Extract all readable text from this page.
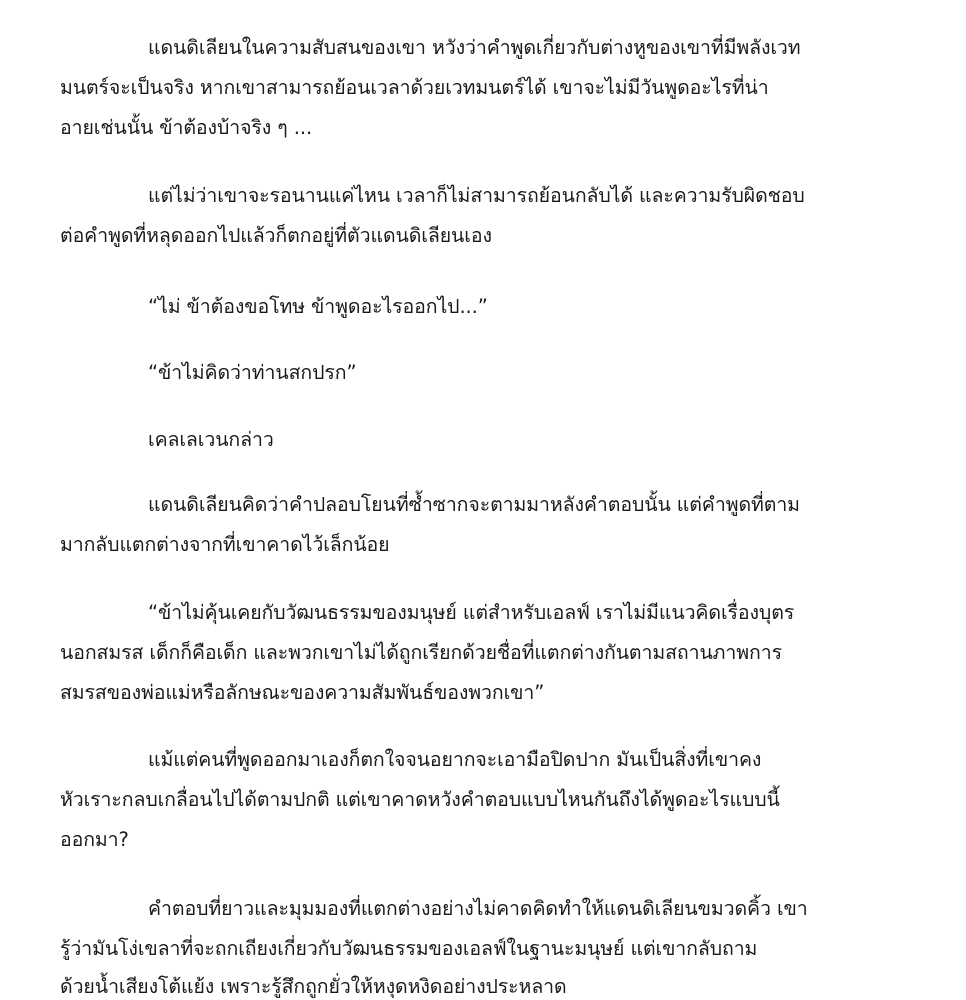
แดนดิเลียนในความสับสนของเขา หวังว่าคำพูดเกี่ยวกับต่างหูของเขาที่มีพลังเวท
มนตร์จะเป็นจริง หากเขาสามารถย้อนเวลาด้วยเวทมนตร์ได้ เขาจะไม่มีวันพูดอะไรที่น่า
อายเช่นนั้น ข้าต้องบ้าจริง ๆ ...
แต่ไม่ว่าเขาจะรอนานแค่ไหน เวลาก็ไม่สามารถย้อนกลับได้ และความรับผิดชอบ
ต่อคำพูดที่หลุดออกไปแล้วก็ตกอยู่ที่ตัวแดนดิเลียนเอง
“ไม่ ข้าต้องขอโทษ ข้าพูดอะไรออกไป...”
“ข้าไม่คิดว่าท่านสกปรก”
เคลเลเวนกล่าว
แดนดิเลียนคิดว่าคำปลอบโยนที่ซ้ำซากจะตามมาหลังคำตอบนั้น แต่คำพูดที่ตาม
มากลับแตกต่างจากที่เขาคาดไว้เล็กน้อย
“ข้าไม่คุ้นเคยกับวัฒนธรรมของมนุษย์ แต่สำหรับเอลฟ์ เราไม่มีแนวคิดเรื่องบุตร
นอกสมรส เด็กก็คือเด็ก และพวกเขาไม่ได้ถูกเรียกด้วยชื่อที่แตกต่างกันตามสถานภาพการ
สมรสของพ่อแม่หรือลักษณะของความสัมพันธ์ของพวกเขา”
แม้แต่คนที่พูดออกมาเองก็ตกใจจนอยากจะเอามือปิดปาก มันเป็นสิ่งที่เขาคง
หัวเราะกลบเกลื่อนไปได้ตามปกติ แต่เขาคาดหวังคำตอบแบบไหนกันถึงได้พูดอะไรแบบนี้
ออกมา?
คำตอบที่ยาวและมุมมองที่แตกต่างอย่างไม่คาดคิดทำให้แดนดิเลียนขมวดคิ้ว เขา
รู้ว่ามันโง่เขลาที่จะถกเถียงเกี่ยวกับวัฒนธรรมของเอลฟ์ในฐานะมนุษย์ แต่เขากลับถาม
ด้วยน้ำเสียงโต้แย้ง เพราะรู้สึกถูกยั่วให้หงุดหงิดอย่างประหลาด
